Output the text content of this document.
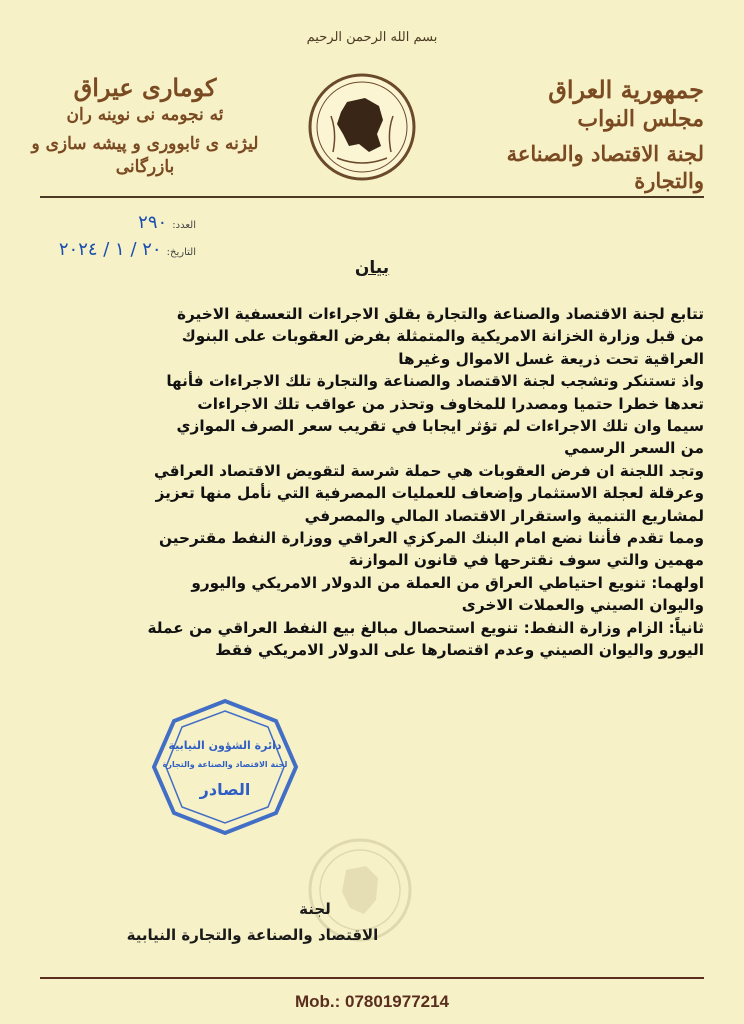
بسم الله الرحمن الرحيم
جمهورية العراق
مجلس النواب
لجنة الاقتصاد والصناعة والتجارة
كوماری عیراق
ئه نجومه نی نوینه ران
لیژنه ی ئابووری و پیشه سازی و بازرگانی
العدد: ٢٩٠
التاريخ: ٢٠ / ١ / ٢٠٢٤
بيان

تتابع لجنة الاقتصاد والصناعة والتجارة بقلق الاجراءات التعسفية الاخيرة

من قبل وزارة الخزانة الامريكية والمتمثلة بفرض العقوبات على البنوك

العراقية تحت ذريعة غسل الاموال وغيرها

واذ تستنكر وتشجب لجنة الاقتصاد والصناعة والتجارة تلك الاجراءات فأنها

تعدها خطرا حتميا ومصدرا للمخاوف وتحذر من عواقب تلك الاجراءات

سيما وان تلك الاجراءات لم تؤثر ايجابا في تقريب سعر الصرف الموازي

من السعر الرسمي

وتجد اللجنة ان فرض العقوبات هي حملة شرسة لتقويض الاقتصاد العراقي

وعرقلة لعجلة الاستثمار وإضعاف للعمليات المصرفية التي نأمل منها تعزيز

لمشاريع التنمية واستقرار الاقتصاد المالي والمصرفي

ومما تقدم فأننا نضع امام البنك المركزي العراقي ووزارة النفط مقترحين

مهمين والتي سوف نقترحها في قانون الموازنة

اولهما: تنويع احتياطي العراق من العملة من الدولار الامريكي واليورو

واليوان الصيني والعملات الاخرى

ثانياً: الزام وزارة النفط: تنويع استحصال مبالغ بيع النفط العراقي من عملة

اليورو واليوان الصيني وعدم اقتصارها على الدولار الامريكي فقط

دائرة الشؤون النيابية
لجنة الاقتصاد والصناعة والتجارة
الصادر
لجنة
الاقتصاد والصناعة والتجارة النيابية
Mob.: 07801977214
